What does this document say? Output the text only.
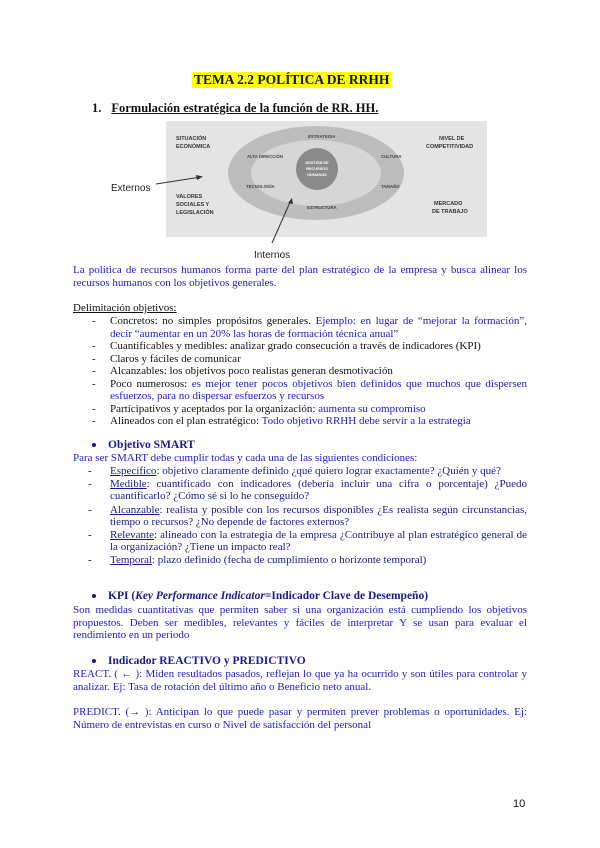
TEMA 2.2 POLÍTICA DE RRHH
1. Formulación estratégica de la función de RR. HH.
SITUACIÓN
ECONÓMICA
NIVEL DE
COMPETITIVIDAD
VALORES
SOCIALES Y
LEGISLACIÓN
MERCADO
DE TRABAJO
ESTRATEGIA
ALTA DIRECCIÓN	CULTURA
TECNOLOGÍA	TAMAÑO
ESTRUCTURA
GESTIÓN DE
RECURSOS
HUMANOS
Externos
Internos
La política de recursos humanos forma parte del plan estratégico de la empresa y busca alinear los recursos humanos con los objetivos generales.
Delimitación objetivos:
- Concretos: no simples propósitos generales. Ejemplo: en lugar de “mejorar la formación”, decir “aumentar en un 20% las horas de formación técnica anual”
- Cuantificables y medibles: analizar grado consecución a través de indicadores (KPI)
- Claros y fáciles de comunicar
- Alcanzables: los objetivos poco realistas generan desmotivación
- Poco numerosos: es mejor tener pocos objetivos bien definidos que muchos que dispersen esfuerzos, para no dispersar esfuerzos y recursos
- Participativos y aceptados por la organización: aumenta su compromiso
- Alineados con el plan estratégico: Todo objetivo RRHH debe servir a la estrategia
Objetivo SMART
Para ser SMART debe cumplir todas y cada una de las siguientes condiciones:
- Específico: objetivo claramente definido ¿qué quiero lograr exactamente? ¿Quién y qué?
- Medible: cuantificado con indicadores (debería incluir una cifra o porcentaje) ¿Puedo cuantificarlo? ¿Cómo sé si lo he conseguido?
- Alcanzable: realista y posible con los recursos disponibles ¿Es realista según circunstancias, tiempo o recursos? ¿No depende de factores externos?
- Relevante: alineado con la estrategia de la empresa ¿Contribuye al plan estratégico general de la organización? ¿Tiene un impacto real?
- Temporal: plazo definido (fecha de cumplimiento o horizonte temporal)
KPI (Key Performance Indicator=Indicador Clave de Desempeño)
Son medidas cuantitativas que permiten saber si una organización está cumpliendo los objetivos propuestos. Deben ser medibles, relevantes y fáciles de interpretar Y se usan para evaluar el rendimiento en un periodo
Indicador REACTIVO y PREDICTIVO
REACT. ( ← ): Miden resultados pasados, reflejan lo que ya ha ocurrido y son útiles para controlar y analizar. Ej: Tasa de rotación del último año o Beneficio neto anual.
PREDICT. (→ ): Anticipan lo que puede pasar y permiten prever problemas o oportunidades. Ej: Número de entrevistas en curso o Nivel de satisfacción del personal
10
